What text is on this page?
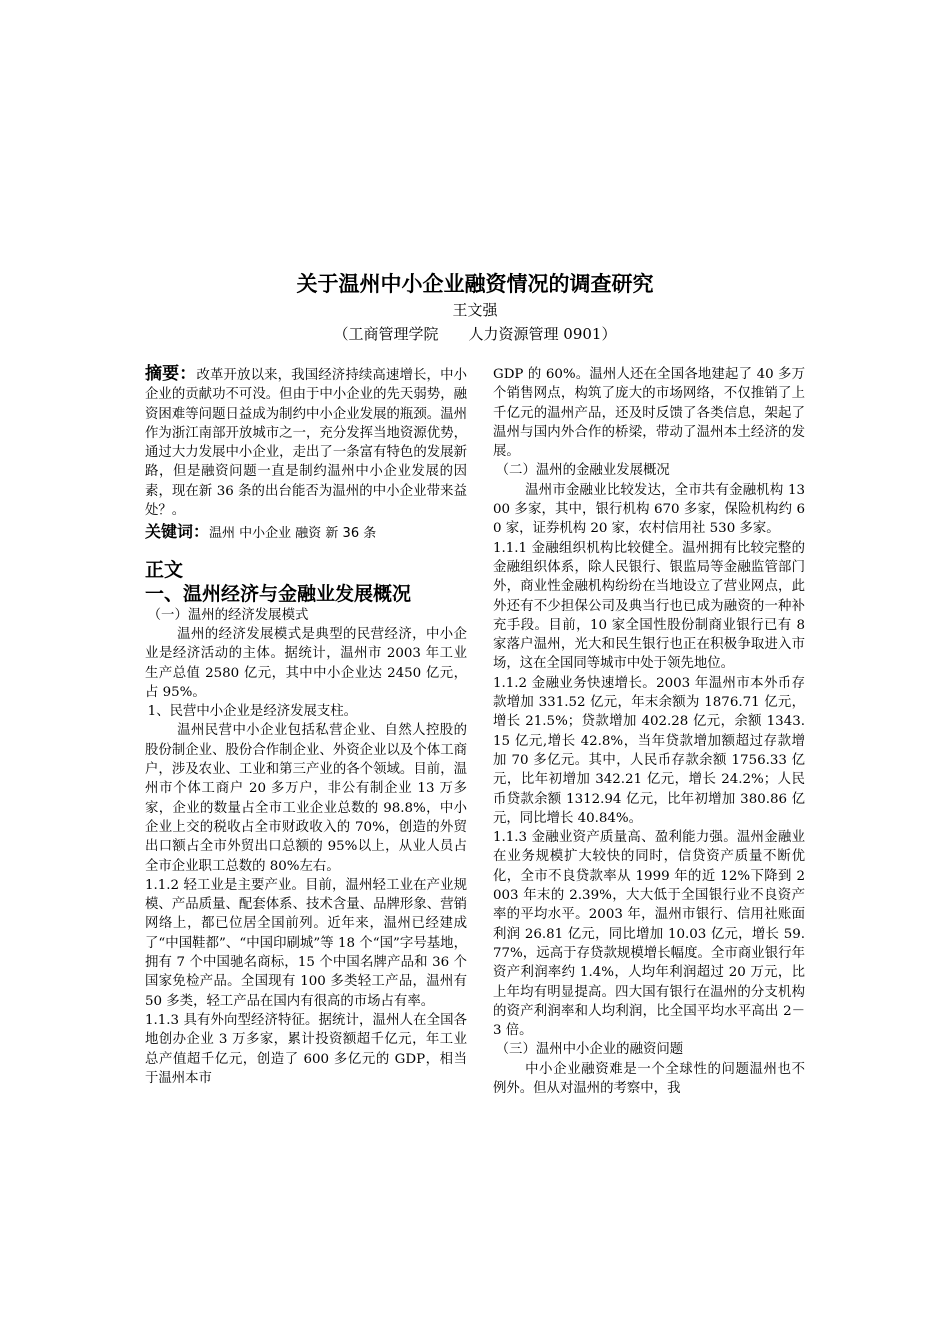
关于温州中小企业融资情况的调查研究
王文强
（工商管理学院　　人力资源管理 0901）

摘要：改革开放以来，我国经济持续高速增长，中小企业的贡献功不可没。但由于中小企业的先天弱势，融资困难等问题日益成为制约中小企业发展的瓶颈。温州作为浙江南部开放城市之一，充分发挥当地资源优势，通过大力发展中小企业，走出了一条富有特色的发展新路，但是融资问题一直是制约温州中小企业发展的因素，现在新 36 条的出台能否为温州的中小企业带来益处？。

关键词：温州 中小企业 融资 新 36 条

正文

一、温州经济与金融业发展概况

（一）温州的经济发展模式

温州的经济发展模式是典型的民营经济，中小企业是经济活动的主体。据统计，温州市 2003 年工业生产总值 2580 亿元，其中中小企业达 2450 亿元，占 95%。

1、民营中小企业是经济发展支柱。

温州民营中小企业包括私营企业、自然人控股的股份制企业、股份合作制企业、外资企业以及个体工商户，涉及农业、工业和第三产业的各个领域。目前，温州市个体工商户 20 多万户，非公有制企业 13 万多家，企业的数量占全市工业企业总数的 98.8%，中小企业上交的税收占全市财政收入的 70%，创造的外贸出口额占全市外贸出口总额的 95%以上，从业人员占全市企业职工总数的 80%左右。

1.1.2 轻工业是主要产业。目前，温州轻工业在产业规模、产品质量、配套体系、技术含量、品牌形象、营销网络上，都已位居全国前列。近年来，温州已经建成了“中国鞋都”、“中国印刷城”等 18 个“国”字号基地，拥有 7 个中国驰名商标，15 个中国名牌产品和 36 个国家免检产品。全国现有 100 多类轻工产品，温州有 50 多类，轻工产品在国内有很高的市场占有率。

1.1.3 具有外向型经济特征。据统计，温州人在全国各地创办企业 3 万多家，累计投资额超千亿元，年工业总产值超千亿元，创造了 600 多亿元的 GDP，相当于温州本市

GDP 的 60%。温州人还在全国各地建起了 40 多万个销售网点，构筑了庞大的市场网络，不仅推销了上千亿元的温州产品，还及时反馈了各类信息，架起了温州与国内外合作的桥梁，带动了温州本土经济的发展。

（二）温州的金融业发展概况

温州市金融业比较发达，全市共有金融机构 1300 多家，其中，银行机构 670 多家，保险机构约 60 家，证券机构 20 家，农村信用社 530 多家。

1.1.1 金融组织机构比较健全。温州拥有比较完整的金融组织体系，除人民银行、银监局等金融监管部门外，商业性金融机构纷纷在当地设立了营业网点，此外还有不少担保公司及典当行也已成为融资的一种补充手段。目前，10 家全国性股份制商业银行已有 8 家落户温州，光大和民生银行也正在积极争取进入市场，这在全国同等城市中处于领先地位。

1.1.2 金融业务快速增长。2003 年温州市本外币存款增加 331.52 亿元，年末余额为 1876.71 亿元，增长 21.5%；贷款增加 402.28 亿元，余额 1343.15 亿元,增长 42.8%，当年贷款增加额超过存款增加 70 多亿元。其中，人民币存款余额 1756.33 亿元，比年初增加 342.21 亿元，增长 24.2%；人民币贷款余额 1312.94 亿元，比年初增加 380.86 亿元，同比增长 40.84%。

1.1.3 金融业资产质量高、盈利能力强。温州金融业在业务规模扩大较快的同时，信贷资产质量不断优化，全市不良贷款率从 1999 年的近 12%下降到 2003 年末的 2.39%，大大低于全国银行业不良资产率的平均水平。2003 年，温州市银行、信用社账面利润 26.81 亿元，同比增加 10.03 亿元，增长 59.77%，远高于存贷款规模增长幅度。全市商业银行年资产利润率约 1.4%，人均年利润超过 20 万元，比上年均有明显提高。四大国有银行在温州的分支机构的资产利润率和人均利润，比全国平均水平高出 2－3 倍。

（三）温州中小企业的融资问题

中小企业融资难是一个全球性的问题温州也不例外。但从对温州的考察中，我
